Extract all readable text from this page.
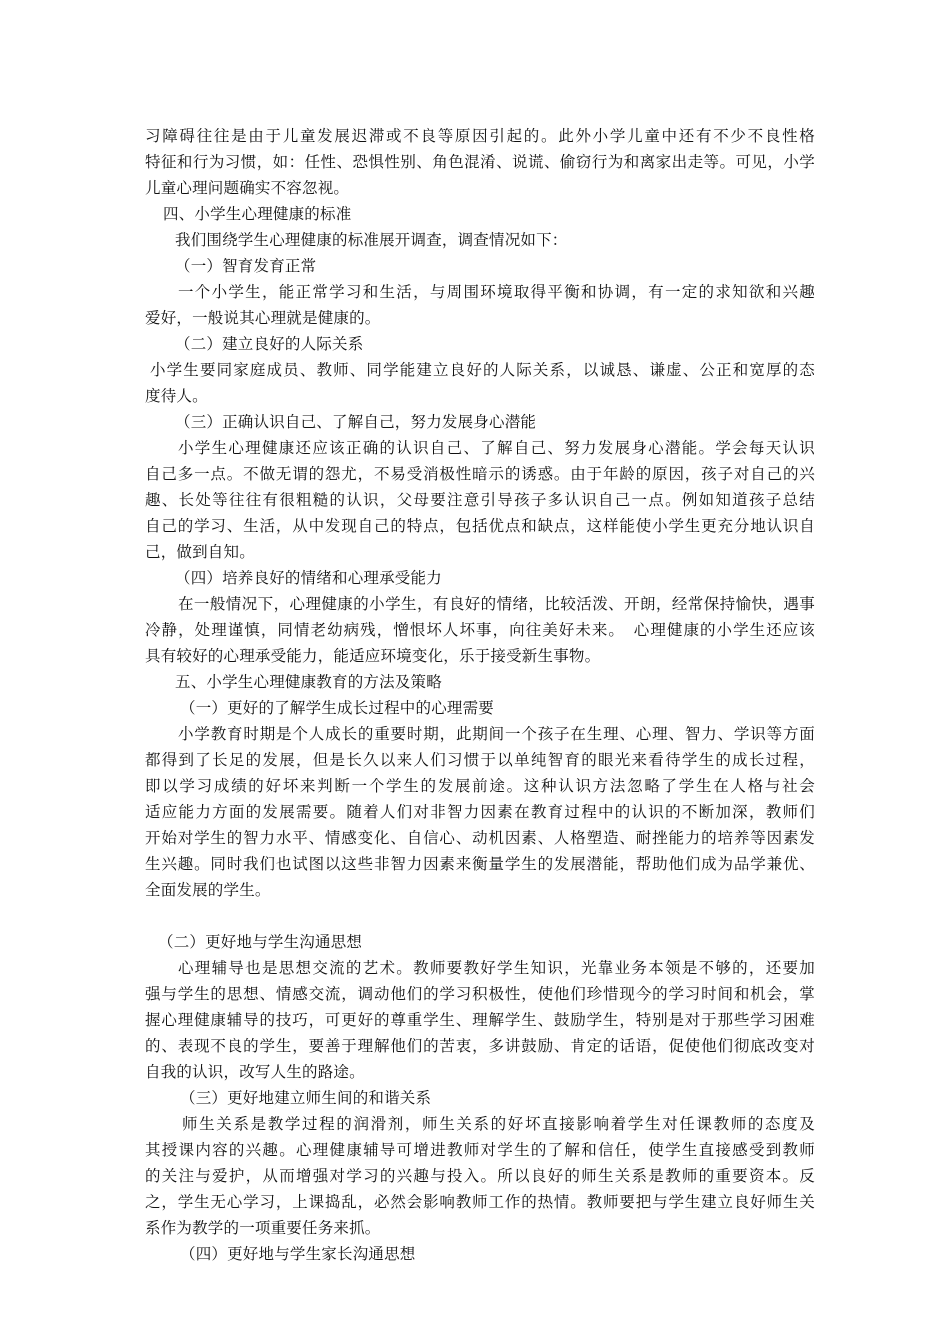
习障碍往往是由于儿童发展迟滞或不良等原因引起的。此外小学儿童中还有不少不良性格
特征和行为习惯，如：任性、恐惧性别、角色混淆、说谎、偷窃行为和离家出走等。可见，小学
儿童心理问题确实不容忽视。
四、小学生心理健康的标准
我们围绕学生心理健康的标准展开调查，调查情况如下：
（一）智育发育正常
一个小学生，能正常学习和生活，与周围环境取得平衡和协调，有一定的求知欲和兴趣
爱好，一般说其心理就是健康的。
（二）建立良好的人际关系
小学生要同家庭成员、教师、同学能建立良好的人际关系，以诚恳、谦虚、公正和宽厚的态
度待人。
（三）正确认识自己、了解自己，努力发展身心潜能
小学生心理健康还应该正确的认识自己、了解自己、努力发展身心潜能。学会每天认识
自己多一点。不做无谓的怨尤，不易受消极性暗示的诱惑。由于年龄的原因，孩子对自己的兴
趣、长处等往往有很粗糙的认识，父母要注意引导孩子多认识自己一点。例如知道孩子总结
自己的学习、生活，从中发现自己的特点，包括优点和缺点，这样能使小学生更充分地认识自
己，做到自知。
（四）培养良好的情绪和心理承受能力
在一般情况下，心理健康的小学生，有良好的情绪，比较活泼、开朗，经常保持愉快，遇事
冷静，处理谨慎，同情老幼病残，憎恨坏人坏事，向往美好未来。　心理健康的小学生还应该
具有较好的心理承受能力，能适应环境变化，乐于接受新生事物。
五、小学生心理健康教育的方法及策略
（一）更好的了解学生成长过程中的心理需要
小学教育时期是个人成长的重要时期，此期间一个孩子在生理、心理、智力、学识等方面
都得到了长足的发展，但是长久以来人们习惯于以单纯智育的眼光来看待学生的成长过程，
即以学习成绩的好坏来判断一个学生的发展前途。这种认识方法忽略了学生在人格与社会
适应能力方面的发展需要。随着人们对非智力因素在教育过程中的认识的不断加深，教师们
开始对学生的智力水平、情感变化、自信心、动机因素、人格塑造、耐挫能力的培养等因素发
生兴趣。同时我们也试图以这些非智力因素来衡量学生的发展潜能，帮助他们成为品学兼优、
全面发展的学生。
（二）更好地与学生沟通思想
心理辅导也是思想交流的艺术。教师要教好学生知识，光靠业务本领是不够的，还要加
强与学生的思想、情感交流，调动他们的学习积极性，使他们珍惜现今的学习时间和机会，掌
握心理健康辅导的技巧，可更好的尊重学生、理解学生、鼓励学生，特别是对于那些学习困难
的、表现不良的学生，要善于理解他们的苦衷，多讲鼓励、肯定的话语，促使他们彻底改变对
自我的认识，改写人生的路途。
（三）更好地建立师生间的和谐关系
师生关系是教学过程的润滑剂，师生关系的好坏直接影响着学生对任课教师的态度及
其授课内容的兴趣。心理健康辅导可增进教师对学生的了解和信任，使学生直接感受到教师
的关注与爱护，从而增强对学习的兴趣与投入。所以良好的师生关系是教师的重要资本。反
之，学生无心学习，上课捣乱，必然会影响教师工作的热情。教师要把与学生建立良好师生关
系作为教学的一项重要任务来抓。
（四）更好地与学生家长沟通思想
